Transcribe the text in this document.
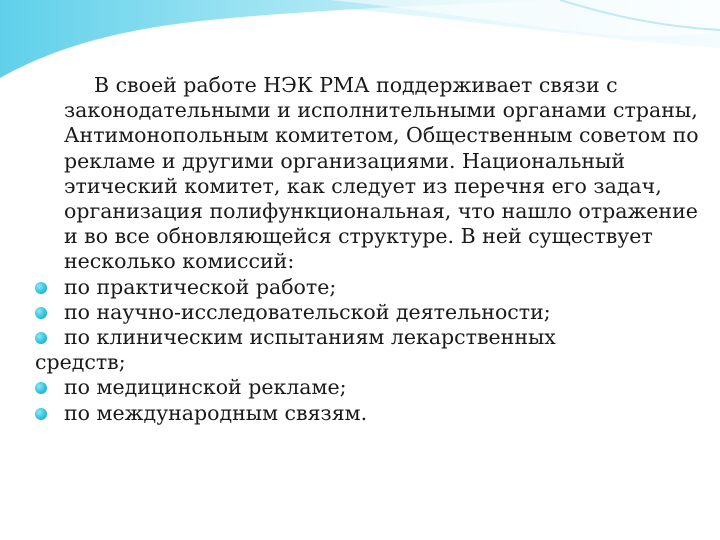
В своей работе НЭК РМА поддерживает связи с законодательными и исполнительными органами страны, Антимонопольным комитетом, Общественным советом по рекламе и другими организациями. Национальный этический комитет, как следует из перечня его задач, организация полифункциональная, что нашло отражение и во все обновляющейся структуре. В ней существует несколько комиссий:

по практической работе;
по научно-исследовательской деятельности;
по клиническим испытаниям лекарственных
средств;
по медицинской рекламе;
по международным связям.
